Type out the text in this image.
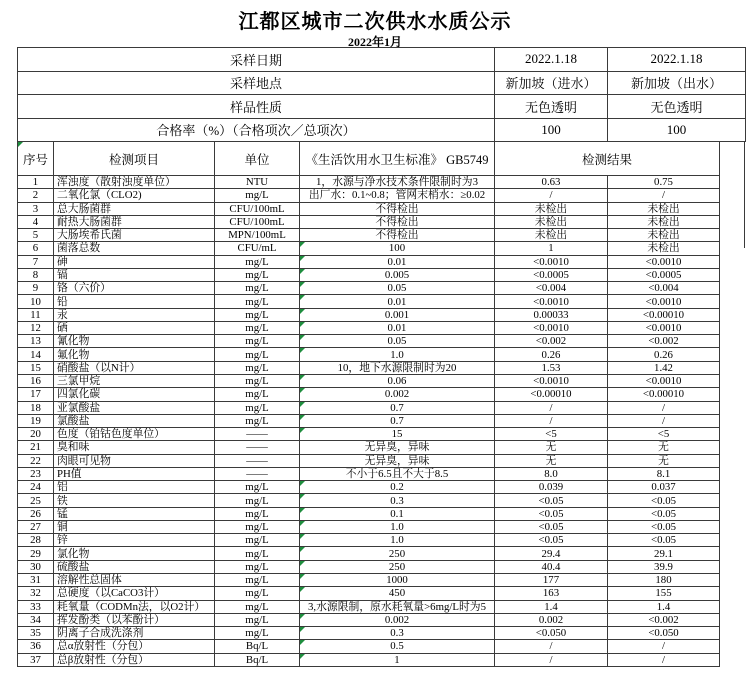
江都区城市二次供水水质公示
2022年1月
采样日期	2022.1.18	2022.1.18
采样地点	新加坡（进水）	新加坡（出水）
样品性质	无色透明	无色透明
合格率（%）（合格项次／总项次）	100	100
序号	检测项目	单位	《生活饮用水卫生标准》 GB5749	检测结果	
1	浑浊度（散射浊度单位）	NTU	1，水源与净水技术条件限制时为3	0.63	0.75
2	二氧化氯（CLO2)	mg/L	出厂水：0.1~0.8；管网末梢水：≥0.02	/	/
3	总大肠菌群	CFU/100mL	不得检出	未检出	未检出
4	耐热大肠菌群	CFU/100mL	不得检出	未检出	未检出
5	大肠埃希氏菌	MPN/100mL	不得检出	未检出	未检出
6	菌落总数	CFU/mL	100	1	未检出
7	砷	mg/L	0.01	<0.0010	<0.0010
8	镉	mg/L	0.005	<0.0005	<0.0005
9	铬（六价）	mg/L	0.05	<0.004	<0.004
10	铅	mg/L	0.01	<0.0010	<0.0010
11	汞	mg/L	0.001	0.00033	<0.00010
12	硒	mg/L	0.01	<0.0010	<0.0010
13	氰化物	mg/L	0.05	<0.002	<0.002
14	氟化物	mg/L	1.0	0.26	0.26
15	硝酸盐（以N计）	mg/L	10，地下水源限制时为20	1.53	1.42
16	三氯甲烷	mg/L	0.06	<0.0010	<0.0010
17	四氯化碳	mg/L	0.002	<0.00010	<0.00010
18	亚氯酸盐	mg/L	0.7	/	/
19	氯酸盐	mg/L	0.7	/	/
20	色度（铂钴色度单位）	——	15	<5	<5
21	臭和味	——	无异臭，异味	无	无
22	肉眼可见物	——	无异臭，异味	无	无
23	PH值	——	不小于6.5且不大于8.5	8.0	8.1
24	铝	mg/L	0.2	0.039	0.037
25	铁	mg/L	0.3	<0.05	<0.05
26	锰	mg/L	0.1	<0.05	<0.05
27	铜	mg/L	1.0	<0.05	<0.05
28	锌	mg/L	1.0	<0.05	<0.05
29	氯化物	mg/L	250	29.4	29.1
30	硫酸盐	mg/L	250	40.4	39.9
31	溶解性总固体	mg/L	1000	177	180
32	总硬度（以CaCO3计）	mg/L	450	163	155
33	耗氧量（CODMn法，以O2计）	mg/L	3,水源限制，原水耗氧量>6mg/L时为5	1.4	1.4
34	挥发酚类（以苯酚计）	mg/L	0.002	0.002	<0.002
35	阴离子合成洗涤剂	mg/L	0.3	<0.050	<0.050
36	总α放射性（分包）	Bq/L	0.5	/	/
37	总β放射性（分包）	Bq/L	1	/	/
